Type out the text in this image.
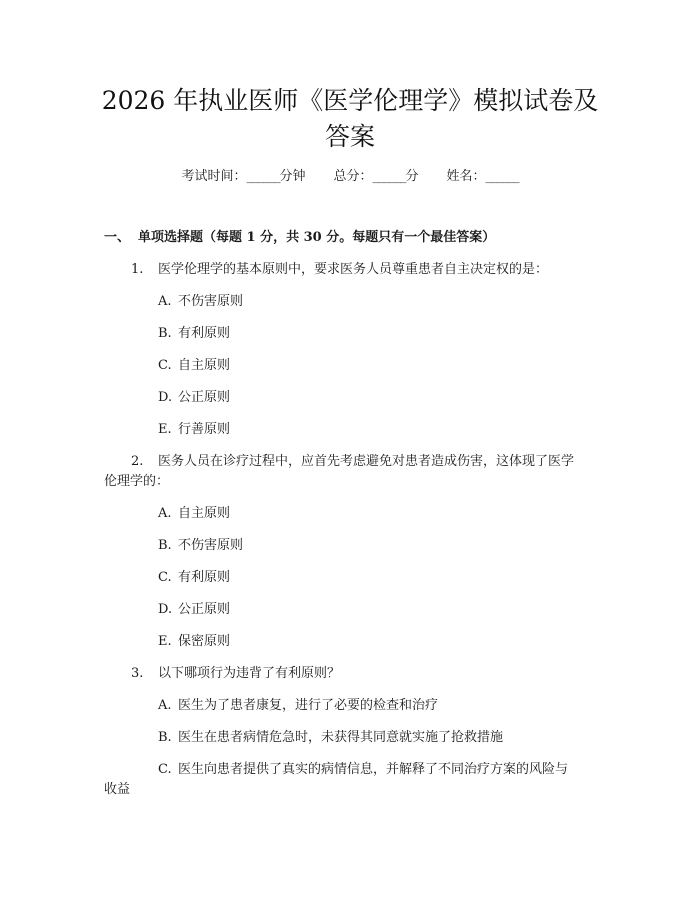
2026 年执业医师《医学伦理学》模拟试卷及
答案
考试时间：______分钟 总分：______分 姓名：______
一、 单项选择题（每题 1 分，共 30 分。每题只有一个最佳答案）
1. 医学伦理学的基本原则中，要求医务人员尊重患者自主决定权的是：
A. 不伤害原则
B. 有利原则
C. 自主原则
D. 公正原则
E. 行善原则
2. 医务人员在诊疗过程中，应首先考虑避免对患者造成伤害，这体现了医学
伦理学的：
A. 自主原则
B. 不伤害原则
C. 有利原则
D. 公正原则
E. 保密原则
3. 以下哪项行为违背了有利原则？
A. 医生为了患者康复，进行了必要的检查和治疗
B. 医生在患者病情危急时，未获得其同意就实施了抢救措施
C. 医生向患者提供了真实的病情信息，并解释了不同治疗方案的风险与
收益
